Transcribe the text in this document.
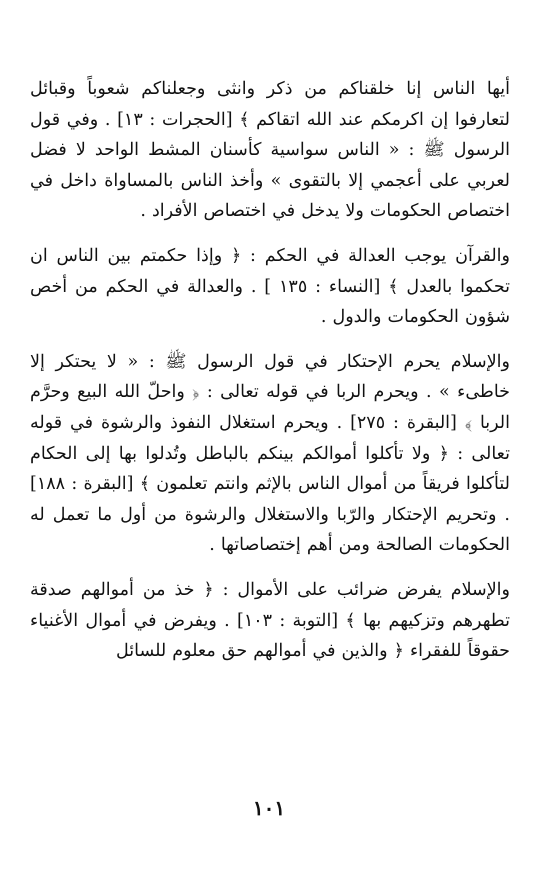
أيها الناس إنا خلقناكم من ذكر وانثى وجعلناكم شعوباً وقبائل لتعارفوا إن اكرمكم عند الله اتقاكم ﴾ [الحجرات : ١٣] . وفي قول الرسول ﷺ : « الناس سواسية كأسنان المشط الواحد لا فضل لعربي على أعجمي إلا بالتقوى » وأخذ الناس بالمساواة داخل في اختصاص الحكومات ولا يدخل في اختصاص الأفراد .

والقرآن يوجب العدالة في الحكم : ﴿ وإذا حكمتم بين الناس ان تحكموا بالعدل ﴾ [النساء : ١٣٥ ] . والعدالة في الحكم من أخص شؤون الحكومات والدول .

والإسلام يحرم الإحتكار في قول الرسول ﷺ : « لا يحتكر إلا خاطىء » . ويحرم الربا في قوله تعالى : ﴿ واحلّ الله البيع وحرَّم الربا ﴾ [البقرة : ٢٧٥] . ويحرم استغلال النفوذ والرشوة في قوله تعالى : ﴿ ولا تأكلوا أموالكم بينكم بالباطل وتُدلوا بها إلى الحكام لتأكلوا فريقاً من أموال الناس بالإثم وانتم تعلمون ﴾ [البقرة : ١٨٨] . وتحريم الإحتكار والرّبا والاستغلال والرشوة من أول ما تعمل له الحكومات الصالحة ومن أهم إختصاصاتها .

والإسلام يفرض ضرائب على الأموال : ﴿ خذ من أموالهم صدقة تطهرهم وتزكيهم بها ﴾ [التوبة : ١٠٣] . ويفرض في أموال الأغنياء حقوقاً للفقراء ﴿ والذين في أموالهم حق معلوم للسائل

١٠١
